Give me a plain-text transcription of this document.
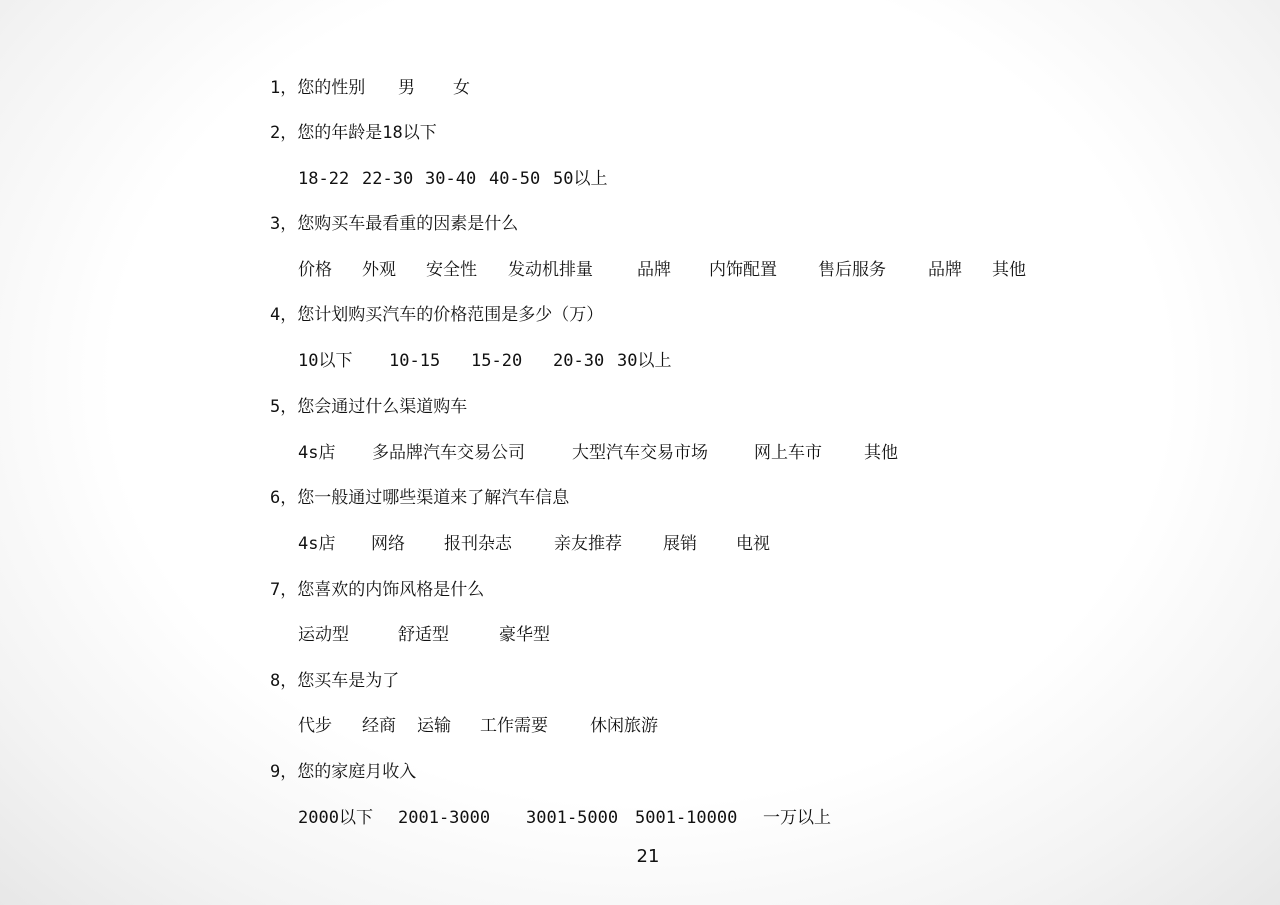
1，您的性别 男 女
2，您的年龄是18以下
18-22 22-30 30-40 40-50 50以上
3，您购买车最看重的因素是什么
价格 外观 安全性 发动机排量	品牌 内饰配置 售后服务 品牌 其他
4，您计划购买汽车的价格范围是多少（万）
10以下 10-15 15-20 20-30 30以上
5，您会通过什么渠道购车
4s店 多品牌汽车交易公司	大型汽车交易市场	网上车市 其他
6，您一般通过哪些渠道来了解汽车信息
4s店 网络 报刊杂志 亲友推荐 展销 电视
7，您喜欢的内饰风格是什么
运动型	舒适型	豪华型
8，您买车是为了
代步 经商 运输 工作需要 休闲旅游
9，您的家庭月收入
2000以下 2001-3000 3001-5000 5001-10000 一万以上
21
